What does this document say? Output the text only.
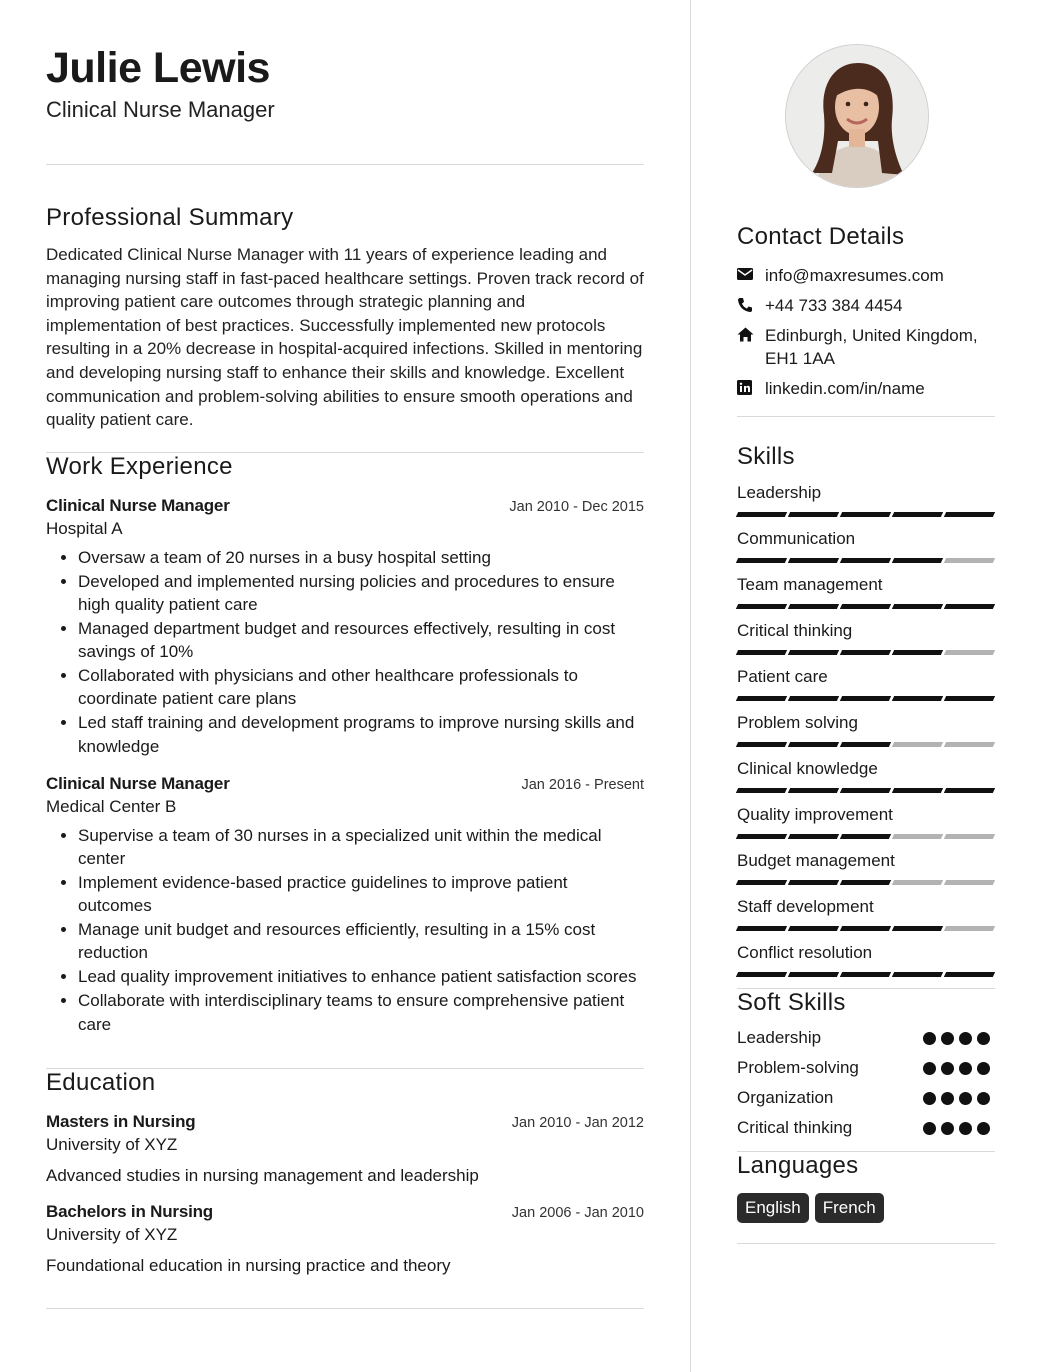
Julie Lewis

Clinical Nurse Manager

Professional Summary

Dedicated Clinical Nurse Manager with 11 years of experience leading and managing nursing staff in fast-paced healthcare settings. Proven track record of improving patient care outcomes through strategic planning and implementation of best practices. Successfully implemented new protocols resulting in a 20% decrease in hospital-acquired infections. Skilled in mentoring and developing nursing staff to enhance their skills and knowledge. Excellent communication and problem-solving abilities to ensure smooth operations and quality patient care.

Work Experience
Clinical Nurse Manager	Jan 2010 - Dec 2015
Hospital A
• Oversaw a team of 20 nurses in a busy hospital setting
• Developed and implemented nursing policies and procedures to ensure high quality patient care
• Managed department budget and resources effectively, resulting in cost savings of 10%
• Collaborated with physicians and other healthcare professionals to coordinate patient care plans
• Led staff training and development programs to improve nursing skills and knowledge
Clinical Nurse Manager	Jan 2016 - Present
Medical Center B
• Supervise a team of 30 nurses in a specialized unit within the medical center
• Implement evidence-based practice guidelines to improve patient outcomes
• Manage unit budget and resources efficiently, resulting in a 15% cost reduction
• Lead quality improvement initiatives to enhance patient satisfaction scores
• Collaborate with interdisciplinary teams to ensure comprehensive patient care
Education
Masters in Nursing	Jan 2010 - Jan 2012
University of XYZ
Advanced studies in nursing management and leadership
Bachelors in Nursing	Jan 2006 - Jan 2010
University of XYZ
Foundational education in nursing practice and theory
Contact Details
info@maxresumes.com
+44 733 384 4454
Edinburgh, United Kingdom, EH1 1AA
linkedin.com/in/name
Skills
Leadership
Communication
Team management
Critical thinking
Patient care
Problem solving
Clinical knowledge
Quality improvement
Budget management
Staff development
Conflict resolution
Soft Skills
Leadership
Problem-solving
Organization
Critical thinking
Languages
English	French
